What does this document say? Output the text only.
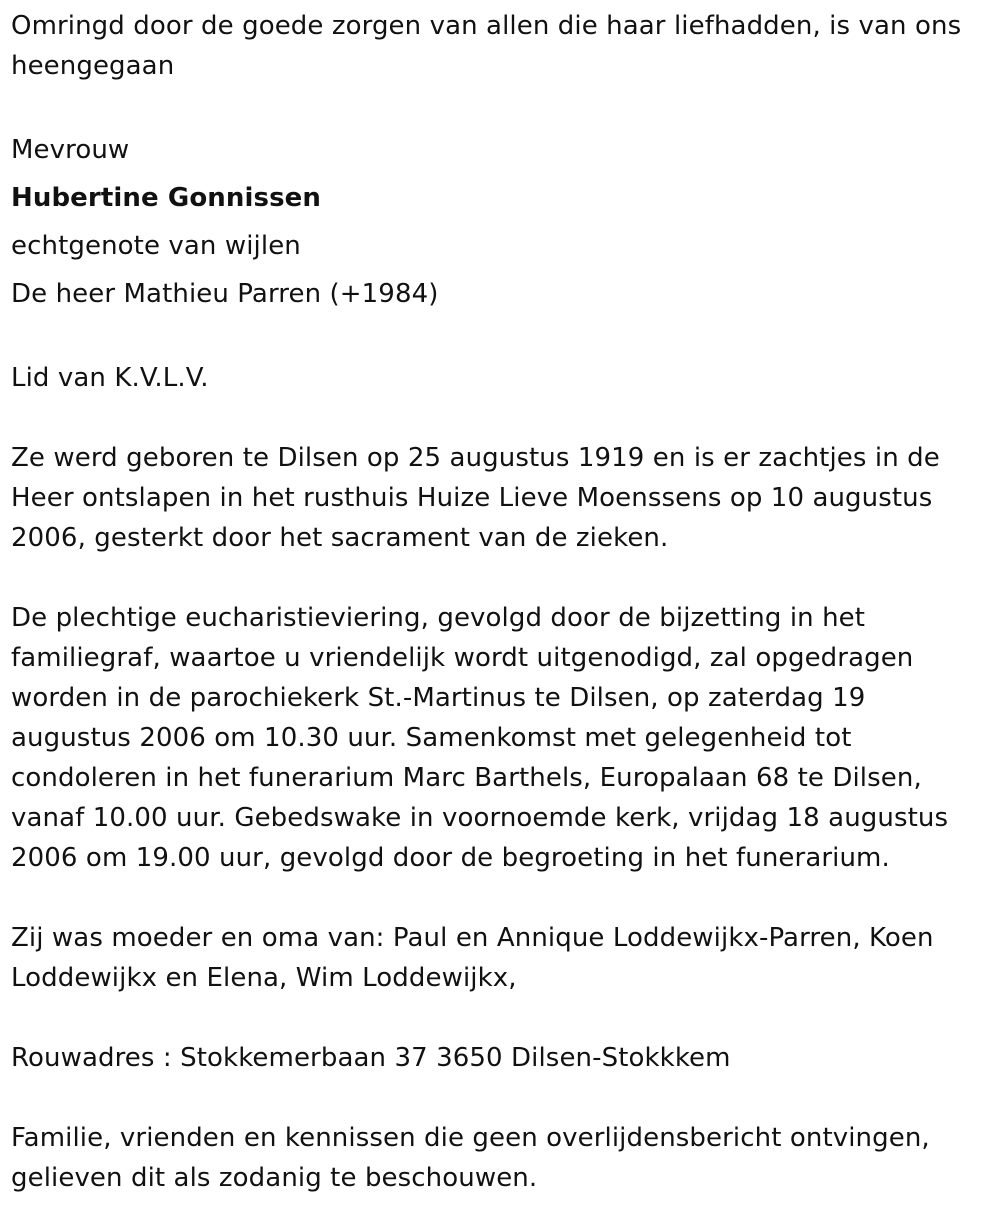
Omringd door de goede zorgen van allen die haar liefhadden, is van ons heengegaan

Mevrouw
Hubertine Gonnissen
echtgenote van wijlen
De heer Mathieu Parren (+1984)

Lid van K.V.L.V.

Ze werd geboren te Dilsen op 25 augustus 1919 en is er zachtjes in de Heer ontslapen in het rusthuis Huize Lieve Moenssens op 10 augustus 2006, gesterkt door het sacrament van de zieken.

De plechtige eucharistieviering, gevolgd door de bijzetting in het familiegraf, waartoe u vriendelijk wordt uitgenodigd, zal opgedragen worden in de parochiekerk St.-Martinus te Dilsen, op zaterdag 19 augustus 2006 om 10.30 uur. Samenkomst met gelegenheid tot condoleren in het funerarium Marc Barthels, Europalaan 68 te Dilsen, vanaf 10.00 uur. Gebedswake in voornoemde kerk, vrijdag 18 augustus 2006 om 19.00 uur, gevolgd door de begroeting in het funerarium.

Zij was moeder en oma van: Paul en Annique Loddewijkx-Parren, Koen Loddewijkx en Elena, Wim Loddewijkx,

Rouwadres : Stokkemerbaan 37 3650 Dilsen-Stokkkem

Familie, vrienden en kennissen die geen overlijdensbericht ontvingen, gelieven dit als zodanig te beschouwen.
